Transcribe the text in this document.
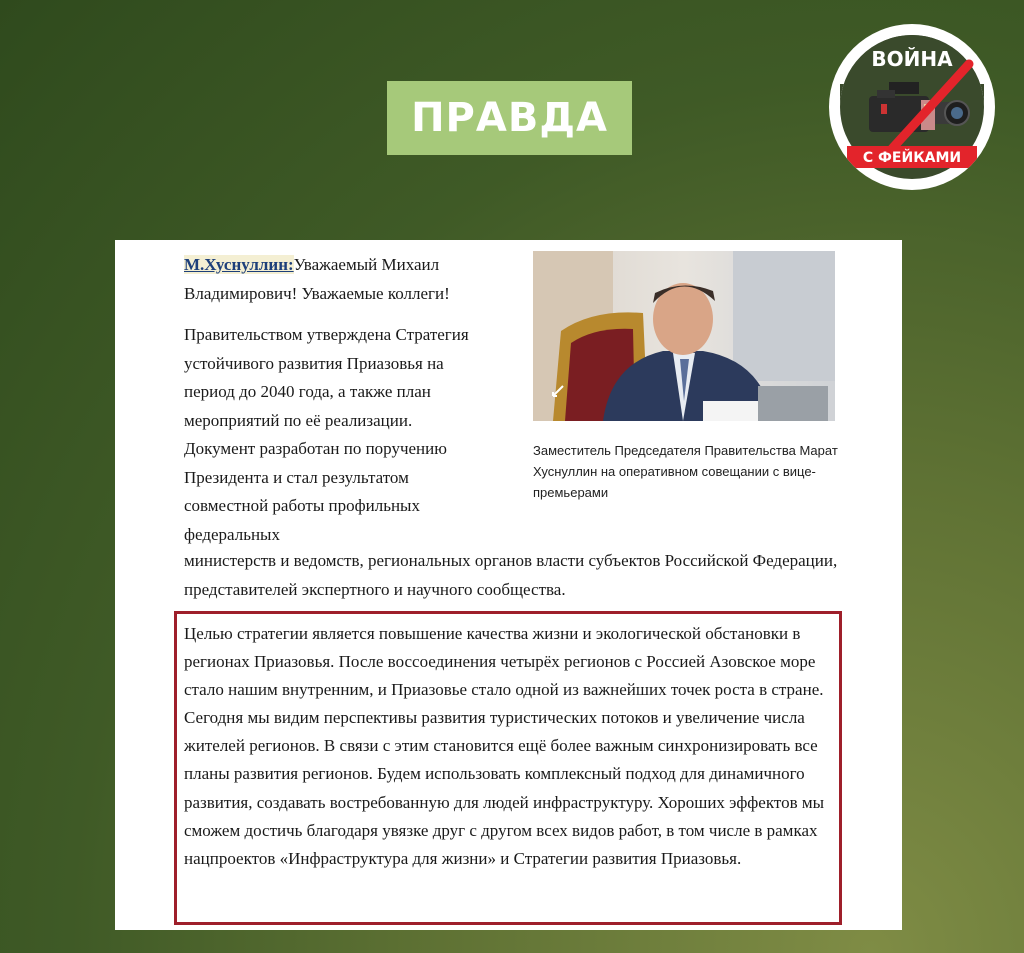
ПРАВДА
ВОЙНА
С ФЕЙКАМИ

М.Хуснуллин:Уважаемый Михаил Владимирович! Уважаемые коллеги!

Правительством утверждена Стратегия устойчивого развития Приазовья на период до 2040 года, а также план мероприятий по её реализации. Документ разработан по поручению Президента и стал результатом совместной работы профильных федеральных

Заместитель Председателя Правительства Марат Хуснуллин на оперативном совещании с вице-премьерами

министерств и ведомств, региональных органов власти субъектов Российской Федерации, представителей экспертного и научного сообщества.

Целью стратегии является повышение качества жизни и экологической обстановки в регионах Приазовья. После воссоединения четырёх регионов с Россией Азовское море стало нашим внутренним, и Приазовье стало одной из важнейших точек роста в стране. Сегодня мы видим перспективы развития туристических потоков и увеличение числа жителей регионов. В связи с этим становится ещё более важным синхронизировать все планы развития регионов. Будем использовать комплексный подход для динамичного развития, создавать востребованную для людей инфраструктуру. Хороших эффектов мы сможем достичь благодаря увязке друг с другом всех видов работ, в том числе в рамках нацпроектов «Инфраструктура для жизни» и Стратегии развития Приазовья.
